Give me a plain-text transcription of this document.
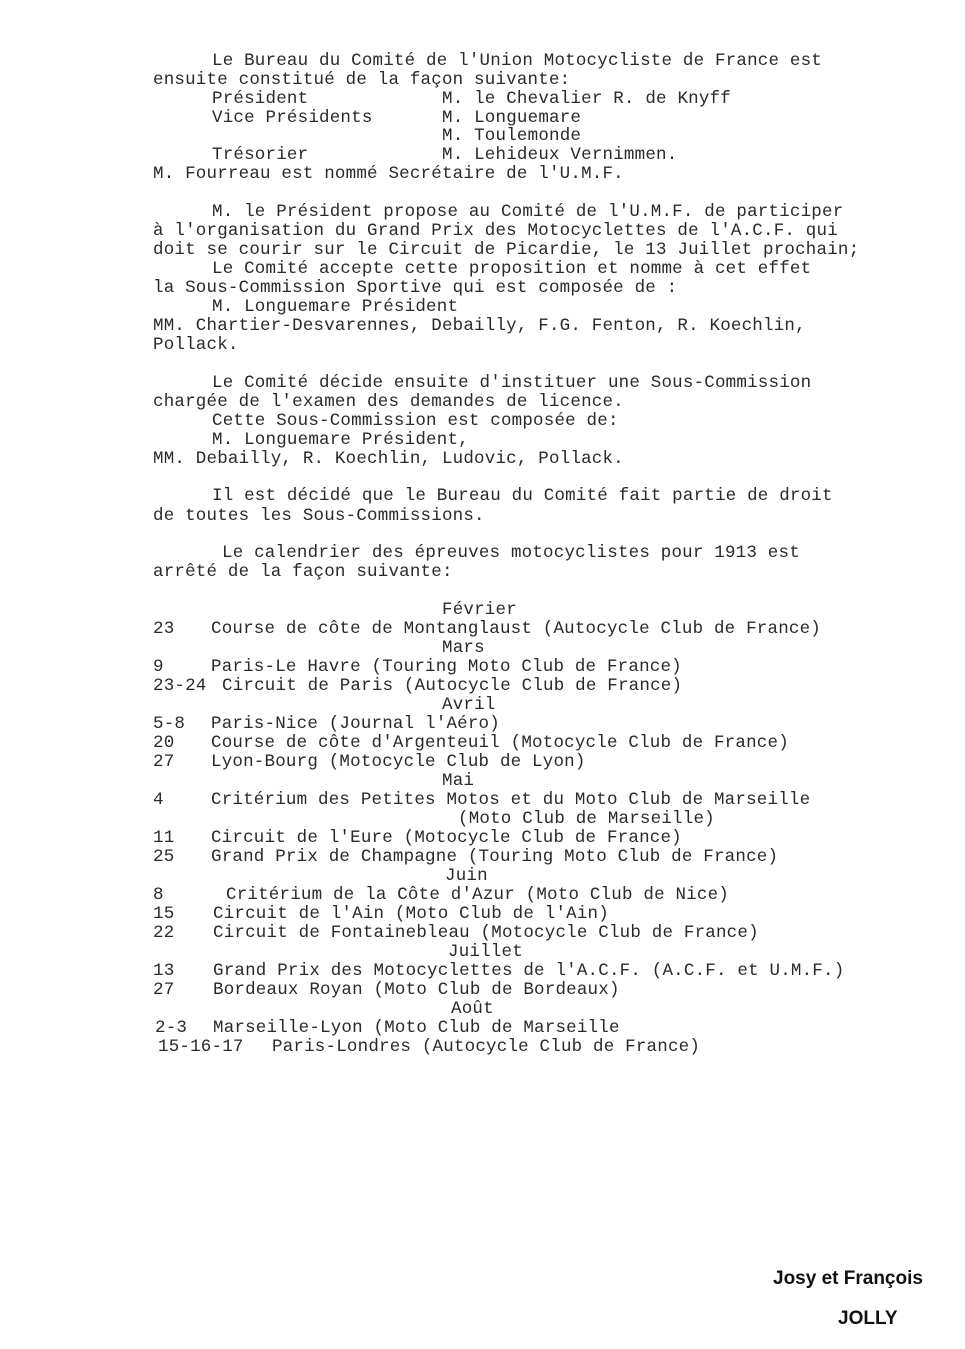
Le Bureau du Comité de l'Union Motocycliste de France est
ensuite constitué de la façon suivante:
Président	M. le Chevalier R. de Knyff
Vice Présidents	M. Longuemare
M. Toulemonde
Trésorier	M. Lehideux Vernimmen.
M. Fourreau est nommé Secrétaire de l'U.M.F.
M. le Président propose au Comité de l'U.M.F. de participer
à l'organisation du Grand Prix des Motocyclettes de l'A.C.F. qui
doit se courir sur le Circuit de Picardie, le 13 Juillet prochain;
Le Comité accepte cette proposition et nomme à cet effet
la Sous-Commission Sportive qui est composée de :
M. Longuemare Président
MM. Chartier-Desvarennes, Debailly, F.G. Fenton, R. Koechlin,
Pollack.
Le Comité décide ensuite d'instituer une Sous-Commission
chargée de l'examen des demandes de licence.
Cette Sous-Commission est composée de:
M. Longuemare Président,
MM. Debailly, R. Koechlin, Ludovic, Pollack.
Il est décidé que le Bureau du Comité fait partie de droit
de toutes les Sous-Commissions.
Le calendrier des épreuves motocyclistes pour 1913 est
arrêté de la façon suivante:
Février
23 Course de côte de Montanglaust (Autocycle Club de France)
Mars
9	Paris-Le Havre (Touring Moto Club de France)
23-24 Circuit de Paris (Autocycle Club de France)
Avril
5-8 Paris-Nice (Journal l'Aéro)
20 Course de côte d'Argenteuil (Motocycle Club de France)
27 Lyon-Bourg (Motocycle Club de Lyon)
Mai
4	Critérium des Petites Motos et du Moto Club de Marseille
(Moto Club de Marseille)
11 Circuit de l'Eure (Motocycle Club de France)
25 Grand Prix de Champagne (Touring Moto Club de France)
Juin
8	Critérium de la Côte d'Azur (Moto Club de Nice)
15 Circuit de l'Ain (Moto Club de l'Ain)
22 Circuit de Fontainebleau (Motocycle Club de France)
Juillet
13 Grand Prix des Motocyclettes de l'A.C.F. (A.C.F. et U.M.F.)
27 Bordeaux Royan (Moto Club de Bordeaux)
Août
2-3 Marseille-Lyon (Moto Club de Marseille
15-16-17 Paris-Londres (Autocycle Club de France)
Josy et François
JOLLY
